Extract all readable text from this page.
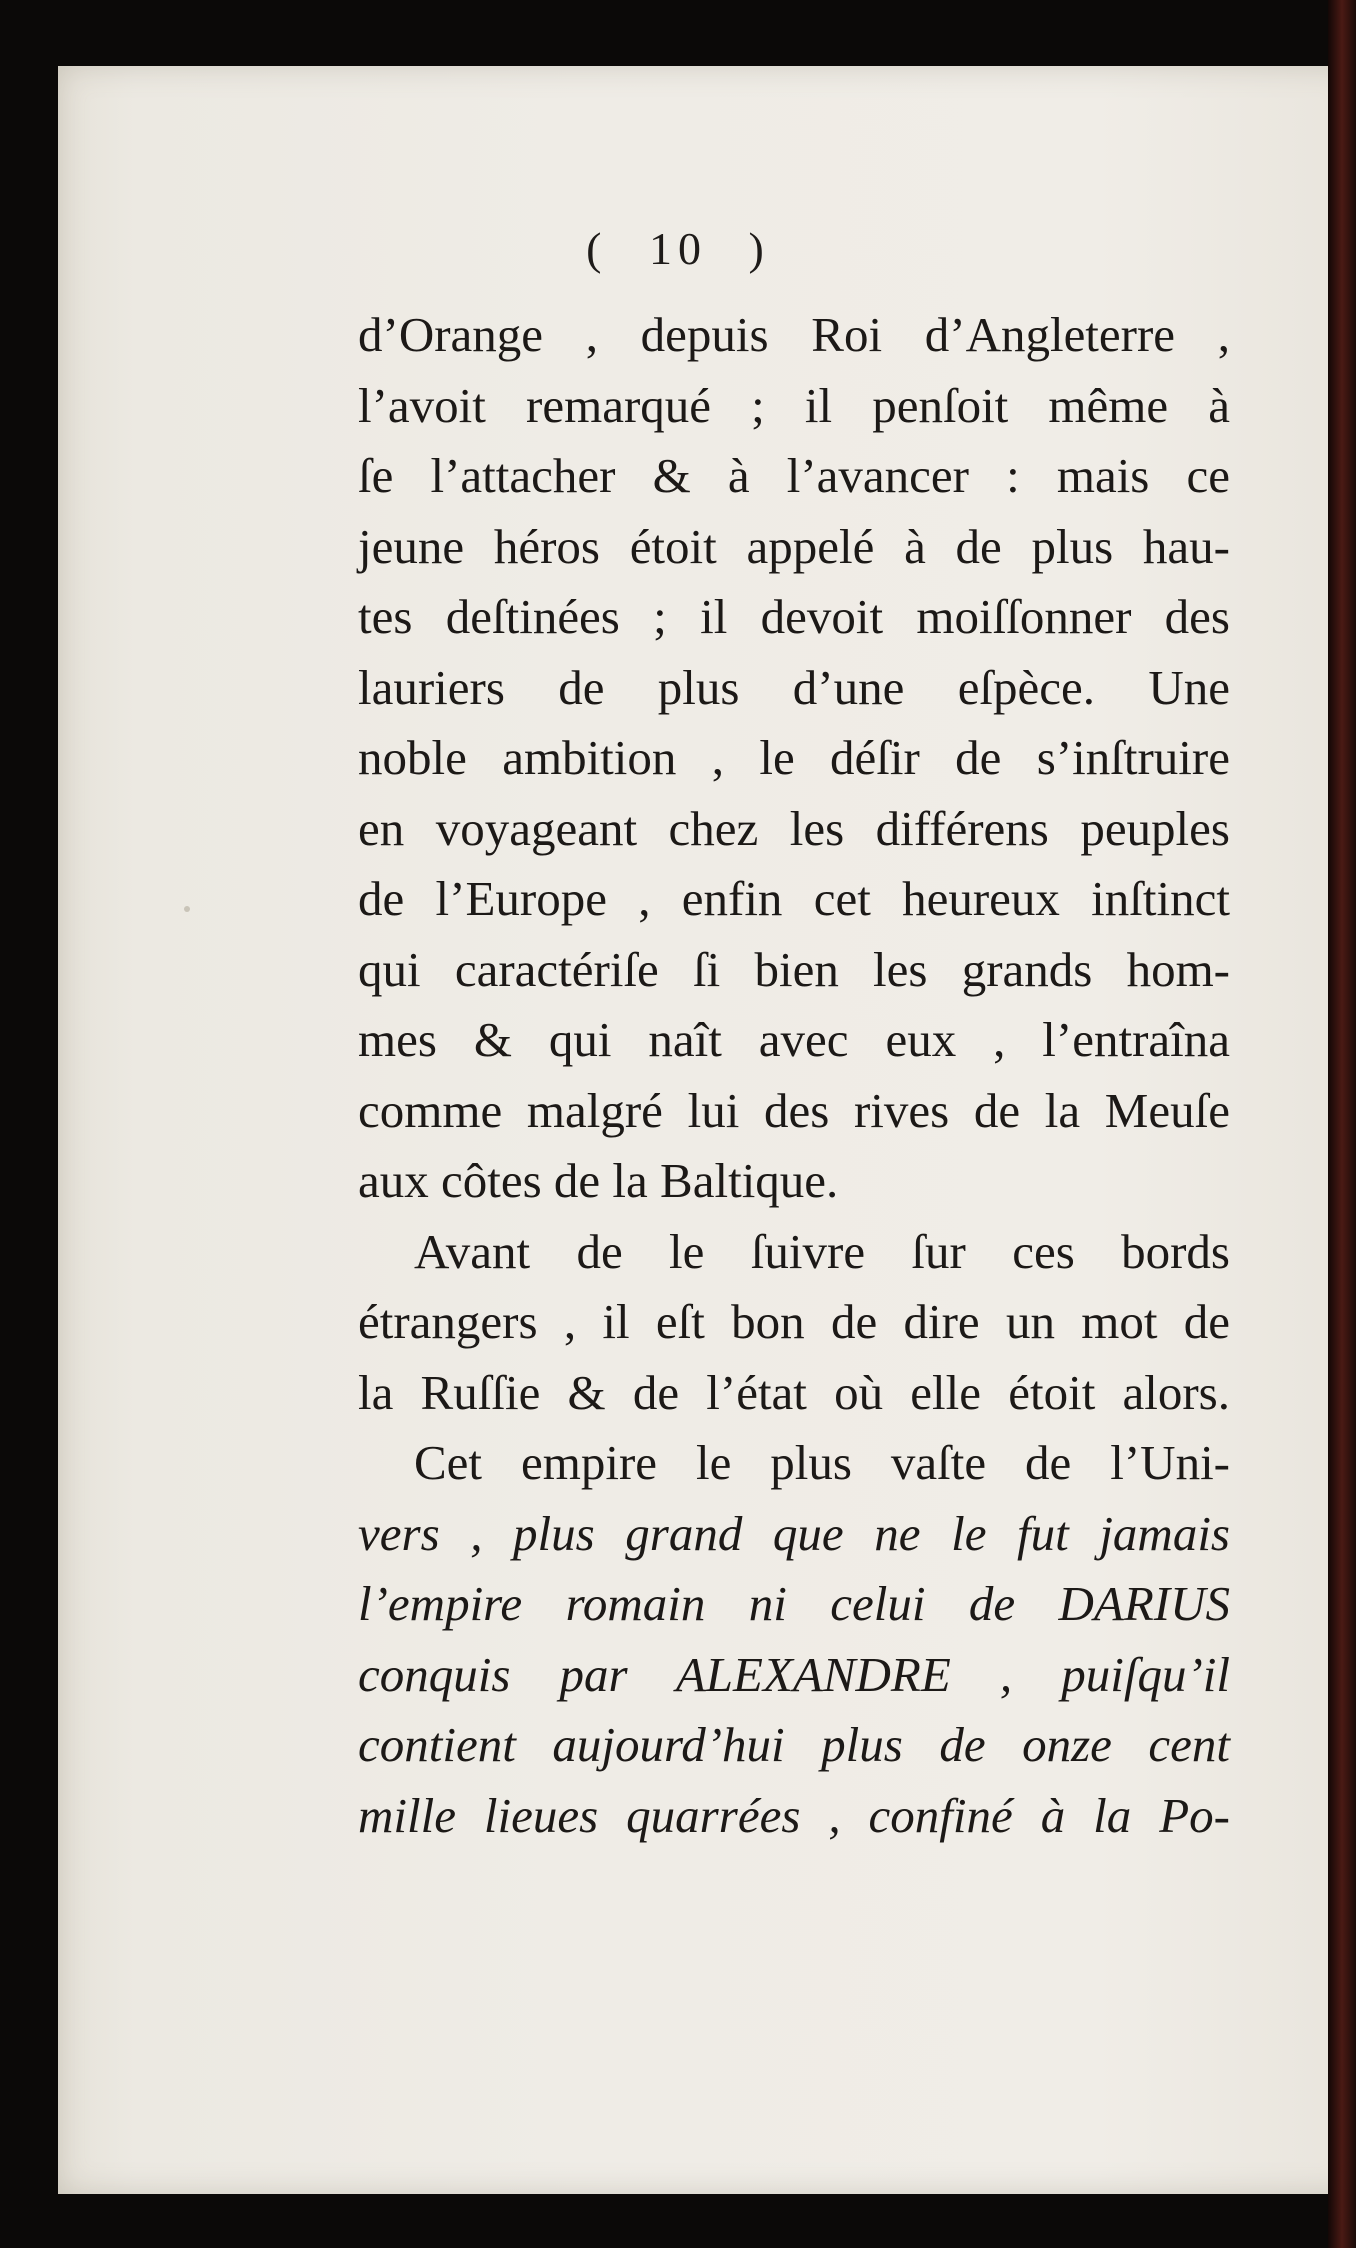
( 10 )
d’Orange , depuis Roi d’Angleterre ,
l’avoit remarqué ; il penſoit même à
ſe l’attacher & à l’avancer : mais ce
jeune héros étoit appelé à de plus hau-
tes deſtinées ; il devoit moiſſonner des
lauriers de plus d’une eſpèce. Une
noble ambition , le déſir de s’inſtruire
en voyageant chez les différens peuples
de l’Europe , enfin cet heureux inſtinct
qui caractériſe ſi bien les grands hom-
mes & qui naît avec eux , l’entraîna
comme malgré lui des rives de la Meuſe
aux côtes de la Baltique.
Avant de le ſuivre ſur ces bords
étrangers , il eſt bon de dire un mot de
la Ruſſie & de l’état où elle étoit alors.
Cet empire le plus vaſte de l’Uni-
vers , plus grand que ne le fut jamais
l’empire romain ni celui de DARIUS
conquis par ALEXANDRE , puiſqu’il
contient aujourd’hui plus de onze cent
mille lieues quarrées , confiné à la Po-
